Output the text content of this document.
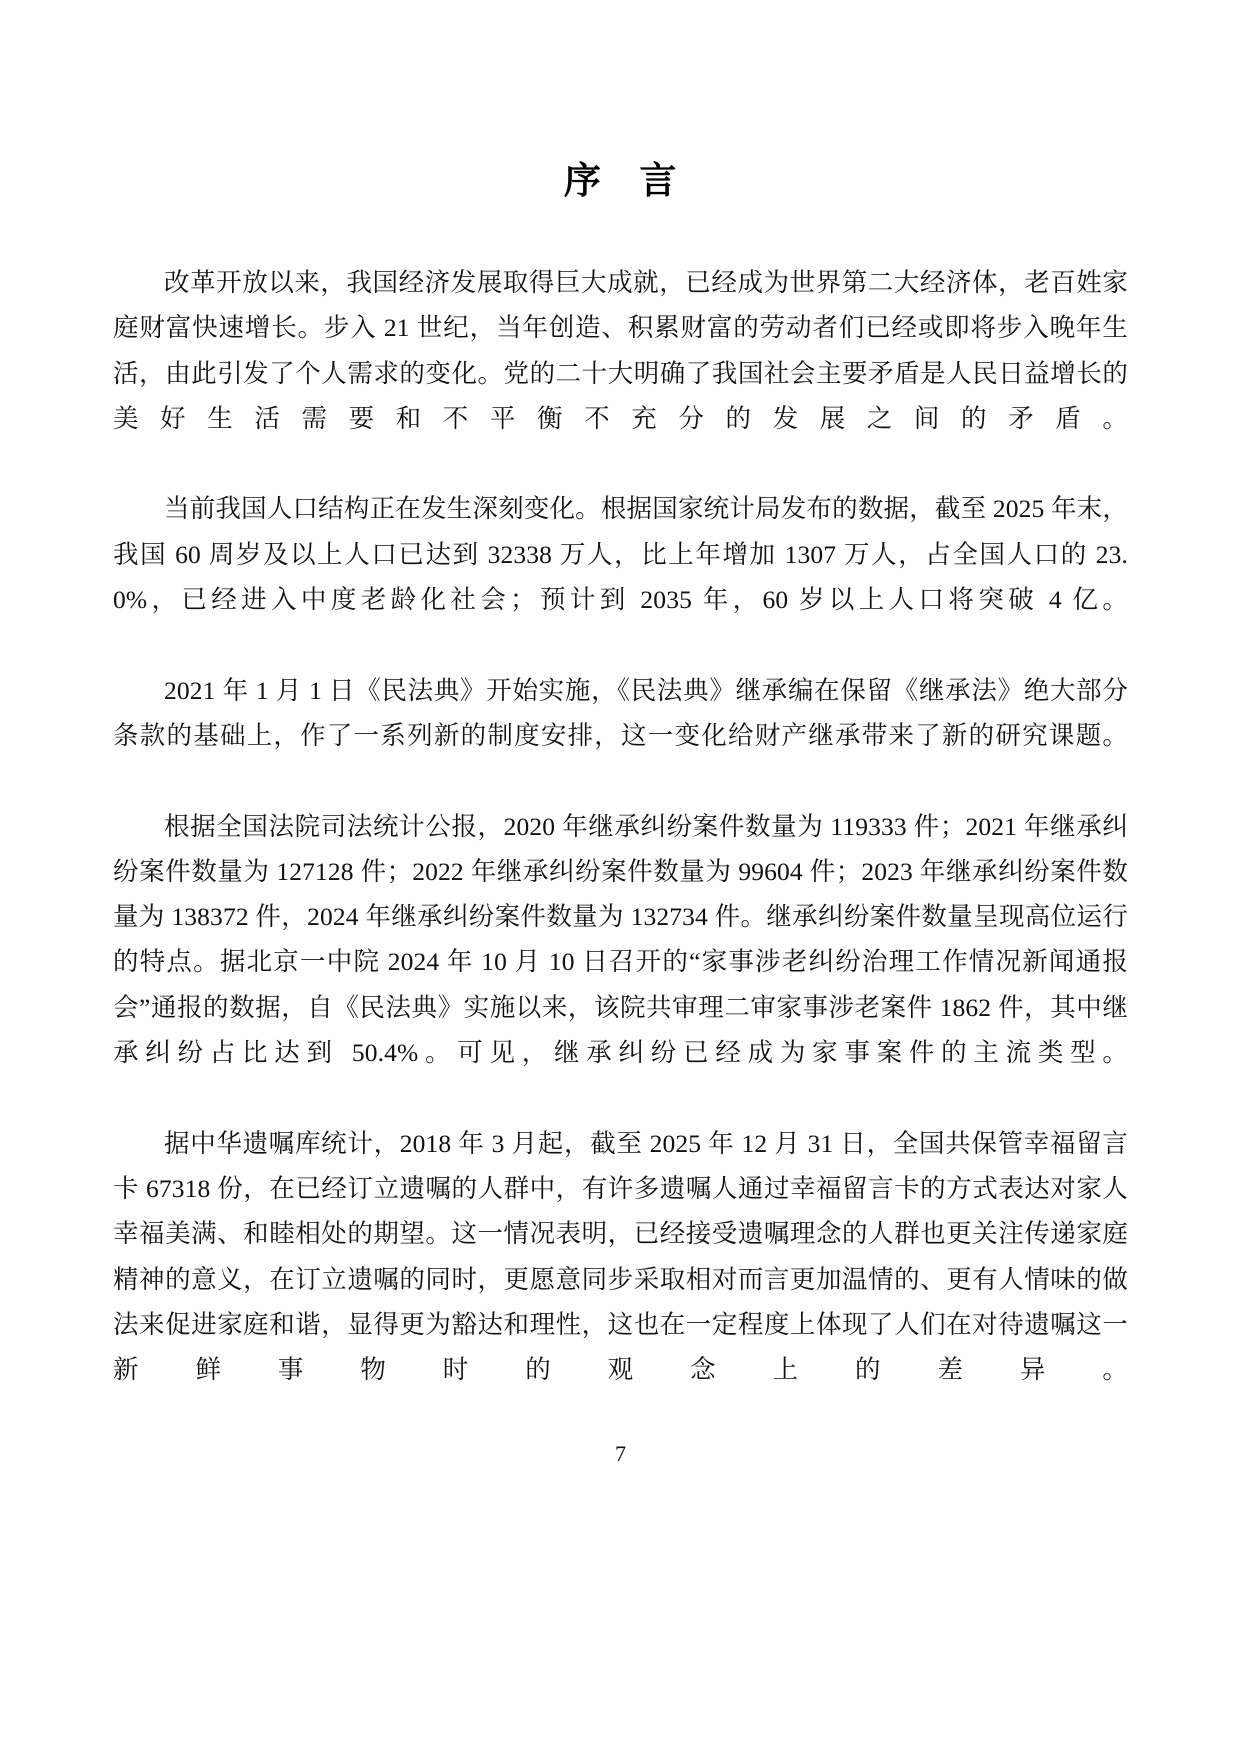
序　言

改革开放以来，我国经济发展取得巨大成就，已经成为世界第二大经济体，老百姓家庭财富快速增长。步入 21 世纪，当年创造、积累财富的劳动者们已经或即将步入晚年生活，由此引发了个人需求的变化。党的二十大明确了我国社会主要矛盾是人民日益增长的美好生活需要和不平衡不充分的发展之间的矛盾。

当前我国人口结构正在发生深刻变化。根据国家统计局发布的数据，截至 2025 年末，我国 60 周岁及以上人口已达到 32338 万人，比上年增加 1307 万人，占全国人口的 23.0%，已经进入中度老龄化社会；预计到 2035 年，60 岁以上人口将突破 4 亿。

2021 年 1 月 1 日《民法典》开始实施，《民法典》继承编在保留《继承法》绝大部分条款的基础上，作了一系列新的制度安排，这一变化给财产继承带来了新的研究课题。

根据全国法院司法统计公报，2020 年继承纠纷案件数量为 119333 件；2021 年继承纠纷案件数量为 127128 件；2022 年继承纠纷案件数量为 99604 件；2023 年继承纠纷案件数量为 138372 件，2024 年继承纠纷案件数量为 132734 件。继承纠纷案件数量呈现高位运行的特点。据北京一中院 2024 年 10 月 10 日召开的“家事涉老纠纷治理工作情况新闻通报会”通报的数据，自《民法典》实施以来，该院共审理二审家事涉老案件 1862 件，其中继承纠纷占比达到 50.4%。可见，继承纠纷已经成为家事案件的主流类型。

据中华遗嘱库统计，2018 年 3 月起，截至 2025 年 12 月 31 日，全国共保管幸福留言卡 67318 份，在已经订立遗嘱的人群中，有许多遗嘱人通过幸福留言卡的方式表达对家人幸福美满、和睦相处的期望。这一情况表明，已经接受遗嘱理念的人群也更关注传递家庭精神的意义，在订立遗嘱的同时，更愿意同步采取相对而言更加温情的、更有人情味的做法来促进家庭和谐，显得更为豁达和理性，这也在一定程度上体现了人们在对待遗嘱这一新鲜事物时的观念上的差异。

7
